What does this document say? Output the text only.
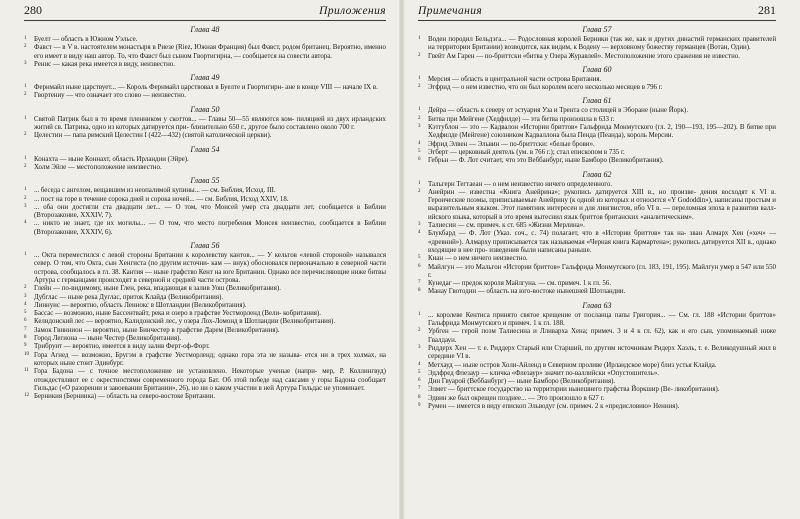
280	Приложения
Глава 48
1	Буелт — область в Южном Уэльсе.
2	Фавст — в V в. настоятелем монастыря в Риезе (Riez, Южная Франция) был Фавст, родом британец. Вероятно, именно его имеет в виду наш автор. То, что Фавст был сыном Гвортигирна, — сообщается на совести автора.
3	Ренис — какая река имеется в виду, неизвестно.
Глава 49
1	Фернмайл ныне царствует... — Король Фернмайл царствовал в Буелте и Гвортигирн- ане в конце VIII — начале IX в.
2	Гвортениу — что означает это слово — неизвестно.
Глава 50
1	Святой Патрик был в то время пленником у скоттов... — Главы 50—55 являются ком- пиляцией из двух ирландских житий св. Патрика, одно из которых датируется при- близительно 650 г., другое было составлено около 700 г.
2	Целестин — папа римский Целестин I (422—432) (святой католической церкви).
Глава 54
1	Конахта — ныне Коннахт, область Ирландии (Эйре).
2	Холм Эйле — местоположение неизвестно.
Глава 55
1	... беседа с ангелом, вещавшим из неопалимой купины... — см. Библия, Исход. III.
2	... пост на горе в течение сорока дней и сорока ночей... — см. Библия, Исход XXIV, 18.
3	... оба они достигли ста двадцати лет... — О том, что Моисей умер ста двадцати лет, сообщается в Библии (Второзаконие, XXXIV, 7).
4	... никто не знает, где их могилы... — О том, что место погребения Моисея неизвестно, сообщается в Библии (Второзаконие, XXXIV, 6).
Глава 56
1	... Окта переместился с левой стороны Британии к королевству кантов... — У кельтов «левой стороной» назывался север. О том, что Окта, сын Хенгиста (по другим источни- кам — внук) обосновался первоначально в северной части острова, сообщалось в гл. 38. Кантия — ныне графство Кент на юге Британии. Однако все перечисляющие ниже битвы Артура с германцами происходят в северной и средней части острова.
2	Глейн — по-видимому, ныне Глен, река, впадающая в залив Уош (Великобритания).
3	Дубглас — ныне река Дуглас, приток Клайда (Великобритания).
4	Линнуис — вероятно, область Леннокс в Шотландии (Великобритания).
5	Бассас — возможно, ныне Бассентвайт, река и озеро в графстве Уестморленд (Вели- кобритания).
6	Келидонский лес — вероятно, Калидонский лес, у озера Лох-Ломонд в Шотландии (Великобритания).
7	Замок Гвиннион — вероятно, ныне Бинчестер в графстве Дарем (Великобритания).
8	Город Легиона — ныне Честер (Великобритания).
9	Трибруит — вероятно, имеется в виду залив Ферт-оф-Форт.
10 Гора Агнед — возможно, Бругэм в графстве Уестморленд; однако гора эта не называ- ется ни в трех холмах, на которых ныне стоит Эдинбург.
11 Гора Бадона — с точное местоположение не установлено. Некоторые ученые (напри- мер, Р. Коллингвуд) отождествляют ее с окрестностями современного города Бат. Об этой победе над саксами у горы Бадона сообщает Гильдас («О разорении и завоевании Британии», 26), но ни о каком участии в ней Артура Гильдас не упоминает.
12 Берникия (Берниика) — область на северо-востоке Британии.
Примечания	281
Глава 57
1	Воден породил Бельдэга... — Родословная королей Берники (так же, как и других династий германских правителей на территории Британии) возводится, как видим, к Водену — верховному божеству германцев (Вотан, Один).
2	Гвейт Ам Гарен — по-бриттски «битва у Озера Журавлей». Местоположение этого сражения не известно.
Глава 60
1	Мерсия — область в центральной части острова Британия.
2	Эгфрид — о нем известно, что он был королем всего несколько месяцев в 796 г.
Глава 61
1	Дейра — область к северу от эстуария Уза и Трента со столицей в Эборане (ныне Йорк).
2	Битва при Мейгене (Хедфилде) — эта битва произошла в 633 г.
3	Кэтгублон — это — Кадвалон «Истории бриттов» Гальфрида Монмутского (гл. 2, 190—193, 195—202). В битве при Хедфилде (Мейгене) союзником Кадваллона была Пенда (Пеанда), король Мерсии.
4	Эфрид Элвен — Эльвин — по-бриттски: «белые брови».
5	Эгберт — церковный деятель (ум. в 766 г.); стал епископом в 735 г.
6	Гебрьн — Ф. Лот считает, что это Веббанбург, ныне Бамборо (Великобритания).
Глава 62
1	Тальгерн Тегтаеан — о нем неизвестно ничего определенного.
2	Анейрин — известна «Книга Анейрина»; рукопись датируется XIII в., но произве- дения восходят к VI в. Героические поэмы, приписываемые Анейрину (к одной из которых и относится «Y Gododdin»), написаны простым и выразительным языком. Этот памятник интересен и для лингвистов, ибо VI в. — переломная эпоха в развитии валл- ийского языка, который в это время вытеснил язык бриттов британских «аналитическим».
3	Талиесин — см. примеч. к ст. 685 «Жизни Мерлина».
4	Блукбард — Ф. Лот (Указ. соч., с. 74) полагает, что в «Истории бриттов» так на- зван Алмарх Хен («хеч» — «древний»). Алмарху приписывается так называемая «Черная книга Кармартена»; рукопись датируется XII в., однако входящие в нее про- изведения были написаны раньше.
5	Киан — о нем ничего неизвестно.
6	Майлгун — это Мальгон «Истории бриттов» Гальфрида Монмутского (гл. 183, 191, 195). Майлгун умер в 547 или 550 г.
7	Кунедаг — предок короля Майлгуна. — см. примеч. 1 к гл. 56.
8	Манау Гвотодин — область на юго-востоке нынешней Шотландии.
Глава 63
1	... королеве Кентиса принято святое крещение от посланца папы Григория... — См. гл. 188 «Истории бриттов» Гальфрида Монмутского и примеч. 1 к гл. 188.
2	Урбген — герой поэм Талиесина и Лливарха Хена; примеч. 3 и 4 к гл. 62), как и его сын, упоминаемый ниже Гвалдаун.
3	Риддерх Хен — т. е. Риддерх Старый или Старший, по другим источникам Ридерх Хаэль, т. е. Великодушный жил в середине VI в.
4	Метхауд — ныне остров Холи-Айленд в Северном проливе (Ирландское море) близ устья Клайда.
5	Эдлфред Флезаур — кличка «Флезаур» значит по-валлийски «Опустошитель».
6	Дин Гвуарой (Веббанбург) — ныне Бамборо (Великобритания).
7	Элмет — бриттское государство на территории нынешнего графства Йоркшир (Ве- ликобритания).
8	Эдвин же был окрещен позднее... — Это произошло в 627 г.
9	Румен — имеется в виду епископ Эльводуг (см. примеч. 2 к «предисловию» Ненния).
